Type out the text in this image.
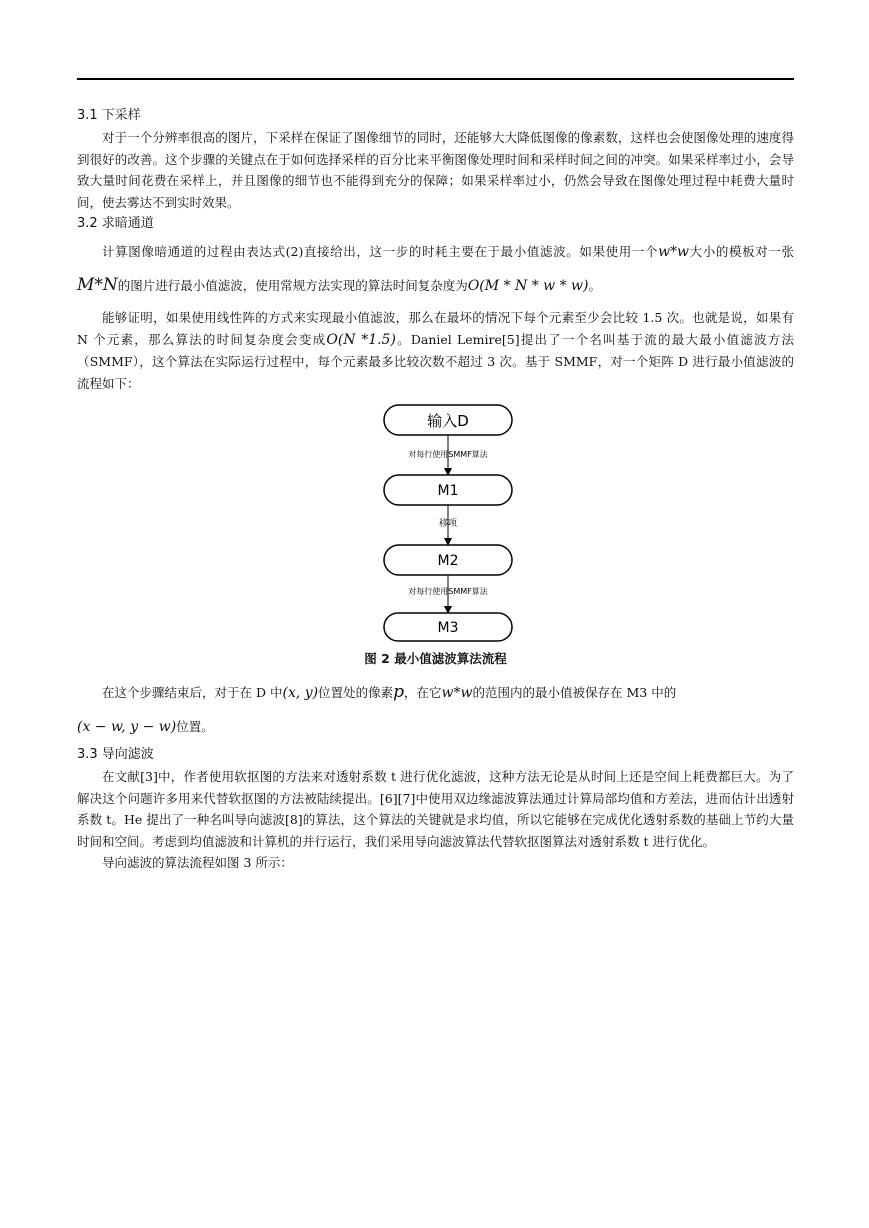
3.1 下采样

对于一个分辨率很高的图片，下采样在保证了图像细节的同时，还能够大大降低图像的像素数，这样也会使图像处理的速度得到很好的改善。这个步骤的关键点在于如何选择采样的百分比来平衡图像处理时间和采样时间之间的冲突。如果采样率过小，会导致大量时间花费在采样上，并且图像的细节也不能得到充分的保障；如果采样率过小，仍然会导致在图像处理过程中耗费大量时间，使去雾达不到实时效果。

3.2 求暗通道

计算图像暗通道的过程由表达式(2)直接给出，这一步的时耗主要在于最小值滤波。如果使用一个w*w大小的模板对一张M*N的图片进行最小值滤波，使用常规方法实现的算法时间复杂度为O(M * N * w * w)。

能够证明，如果使用线性阵的方式来实现最小值滤波，那么在最坏的情况下每个元素至少会比较 1.5 次。也就是说，如果有 N 个元素，那么算法的时间复杂度会变成O(N *1.5)。Daniel Lemire[5]提出了一个名叫基于流的最大最小值滤波方法（SMMF），这个算法在实际运行过程中，每个元素最多比较次数不超过 3 次。基于 SMMF，对一个矩阵 D 进行最小值滤波的流程如下：

输入D
对每行使用SMMF算法
M1
移项
M2
对每行使用SMMF算法
M3
图 2 最小值滤波算法流程

在这个步骤结束后，对于在 D 中(x, y)位置处的像素p，在它w*w的范围内的最小值被保存在 M3 中的

(x − w, y − w)位置。

3.3 导向滤波

在文献[3]中，作者使用软抠图的方法来对透射系数 t 进行优化滤波，这种方法无论是从时间上还是空间上耗费都巨大。为了解决这个问题许多用来代替软抠图的方法被陆续提出。[6][7]中使用双边缘滤波算法通过计算局部均值和方差法，进而估计出透射系数 t。He 提出了一种名叫导向滤波[8]的算法，这个算法的关键就是求均值，所以它能够在完成优化透射系数的基础上节约大量时间和空间。考虑到均值滤波和计算机的并行运行，我们采用导向滤波算法代替软抠图算法对透射系数 t 进行优化。

导向滤波的算法流程如图 3 所示：
